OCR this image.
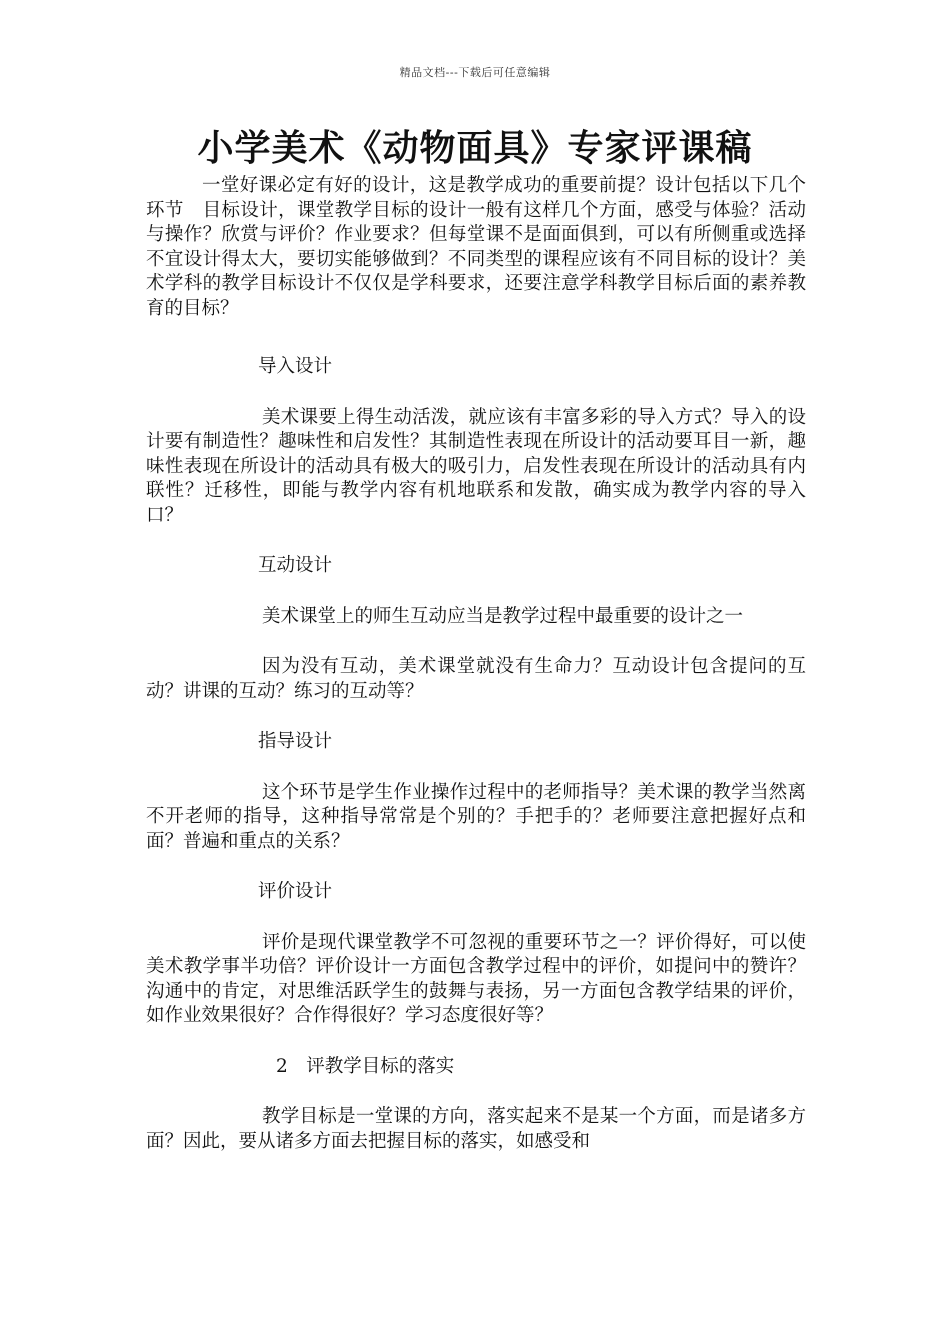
精品文档---下载后可任意编辑
小学美术《动物面具》专家评课稿

一堂好课必定有好的设计，这是教学成功的重要前提？设计包括以下几个环节　目标设计，课堂教学目标的设计一般有这样几个方面，感受与体验？活动与操作？欣赏与评价？作业要求？但每堂课不是面面俱到，可以有所侧重或选择　不宜设计得太大，要切实能够做到？不同类型的课程应该有不同目标的设计？美术学科的教学目标设计不仅仅是学科要求，还要注意学科教学目标后面的素养教育的目标？

导入设计

美术课要上得生动活泼，就应该有丰富多彩的导入方式？导入的设计要有制造性？趣味性和启发性？其制造性表现在所设计的活动要耳目一新，趣味性表现在所设计的活动具有极大的吸引力，启发性表现在所设计的活动具有内联性？迁移性，即能与教学内容有机地联系和发散，确实成为教学内容的导入口？

互动设计

美术课堂上的师生互动应当是教学过程中最重要的设计之一

因为没有互动，美术课堂就没有生命力？互动设计包含提问的互动？讲课的互动？练习的互动等？

指导设计

这个环节是学生作业操作过程中的老师指导？美术课的教学当然离不开老师的指导，这种指导常常是个别的？手把手的？老师要注意把握好点和面？普遍和重点的关系？

评价设计

评价是现代课堂教学不可忽视的重要环节之一？评价得好，可以使美术教学事半功倍？评价设计一方面包含教学过程中的评价，如提问中的赞许？沟通中的肯定，对思维活跃学生的鼓舞与表扬，另一方面包含教学结果的评价，如作业效果很好？合作得很好？学习态度很好等？

2　评教学目标的落实

教学目标是一堂课的方向，落实起来不是某一个方面，而是诸多方面？因此，要从诸多方面去把握目标的落实，如感受和
